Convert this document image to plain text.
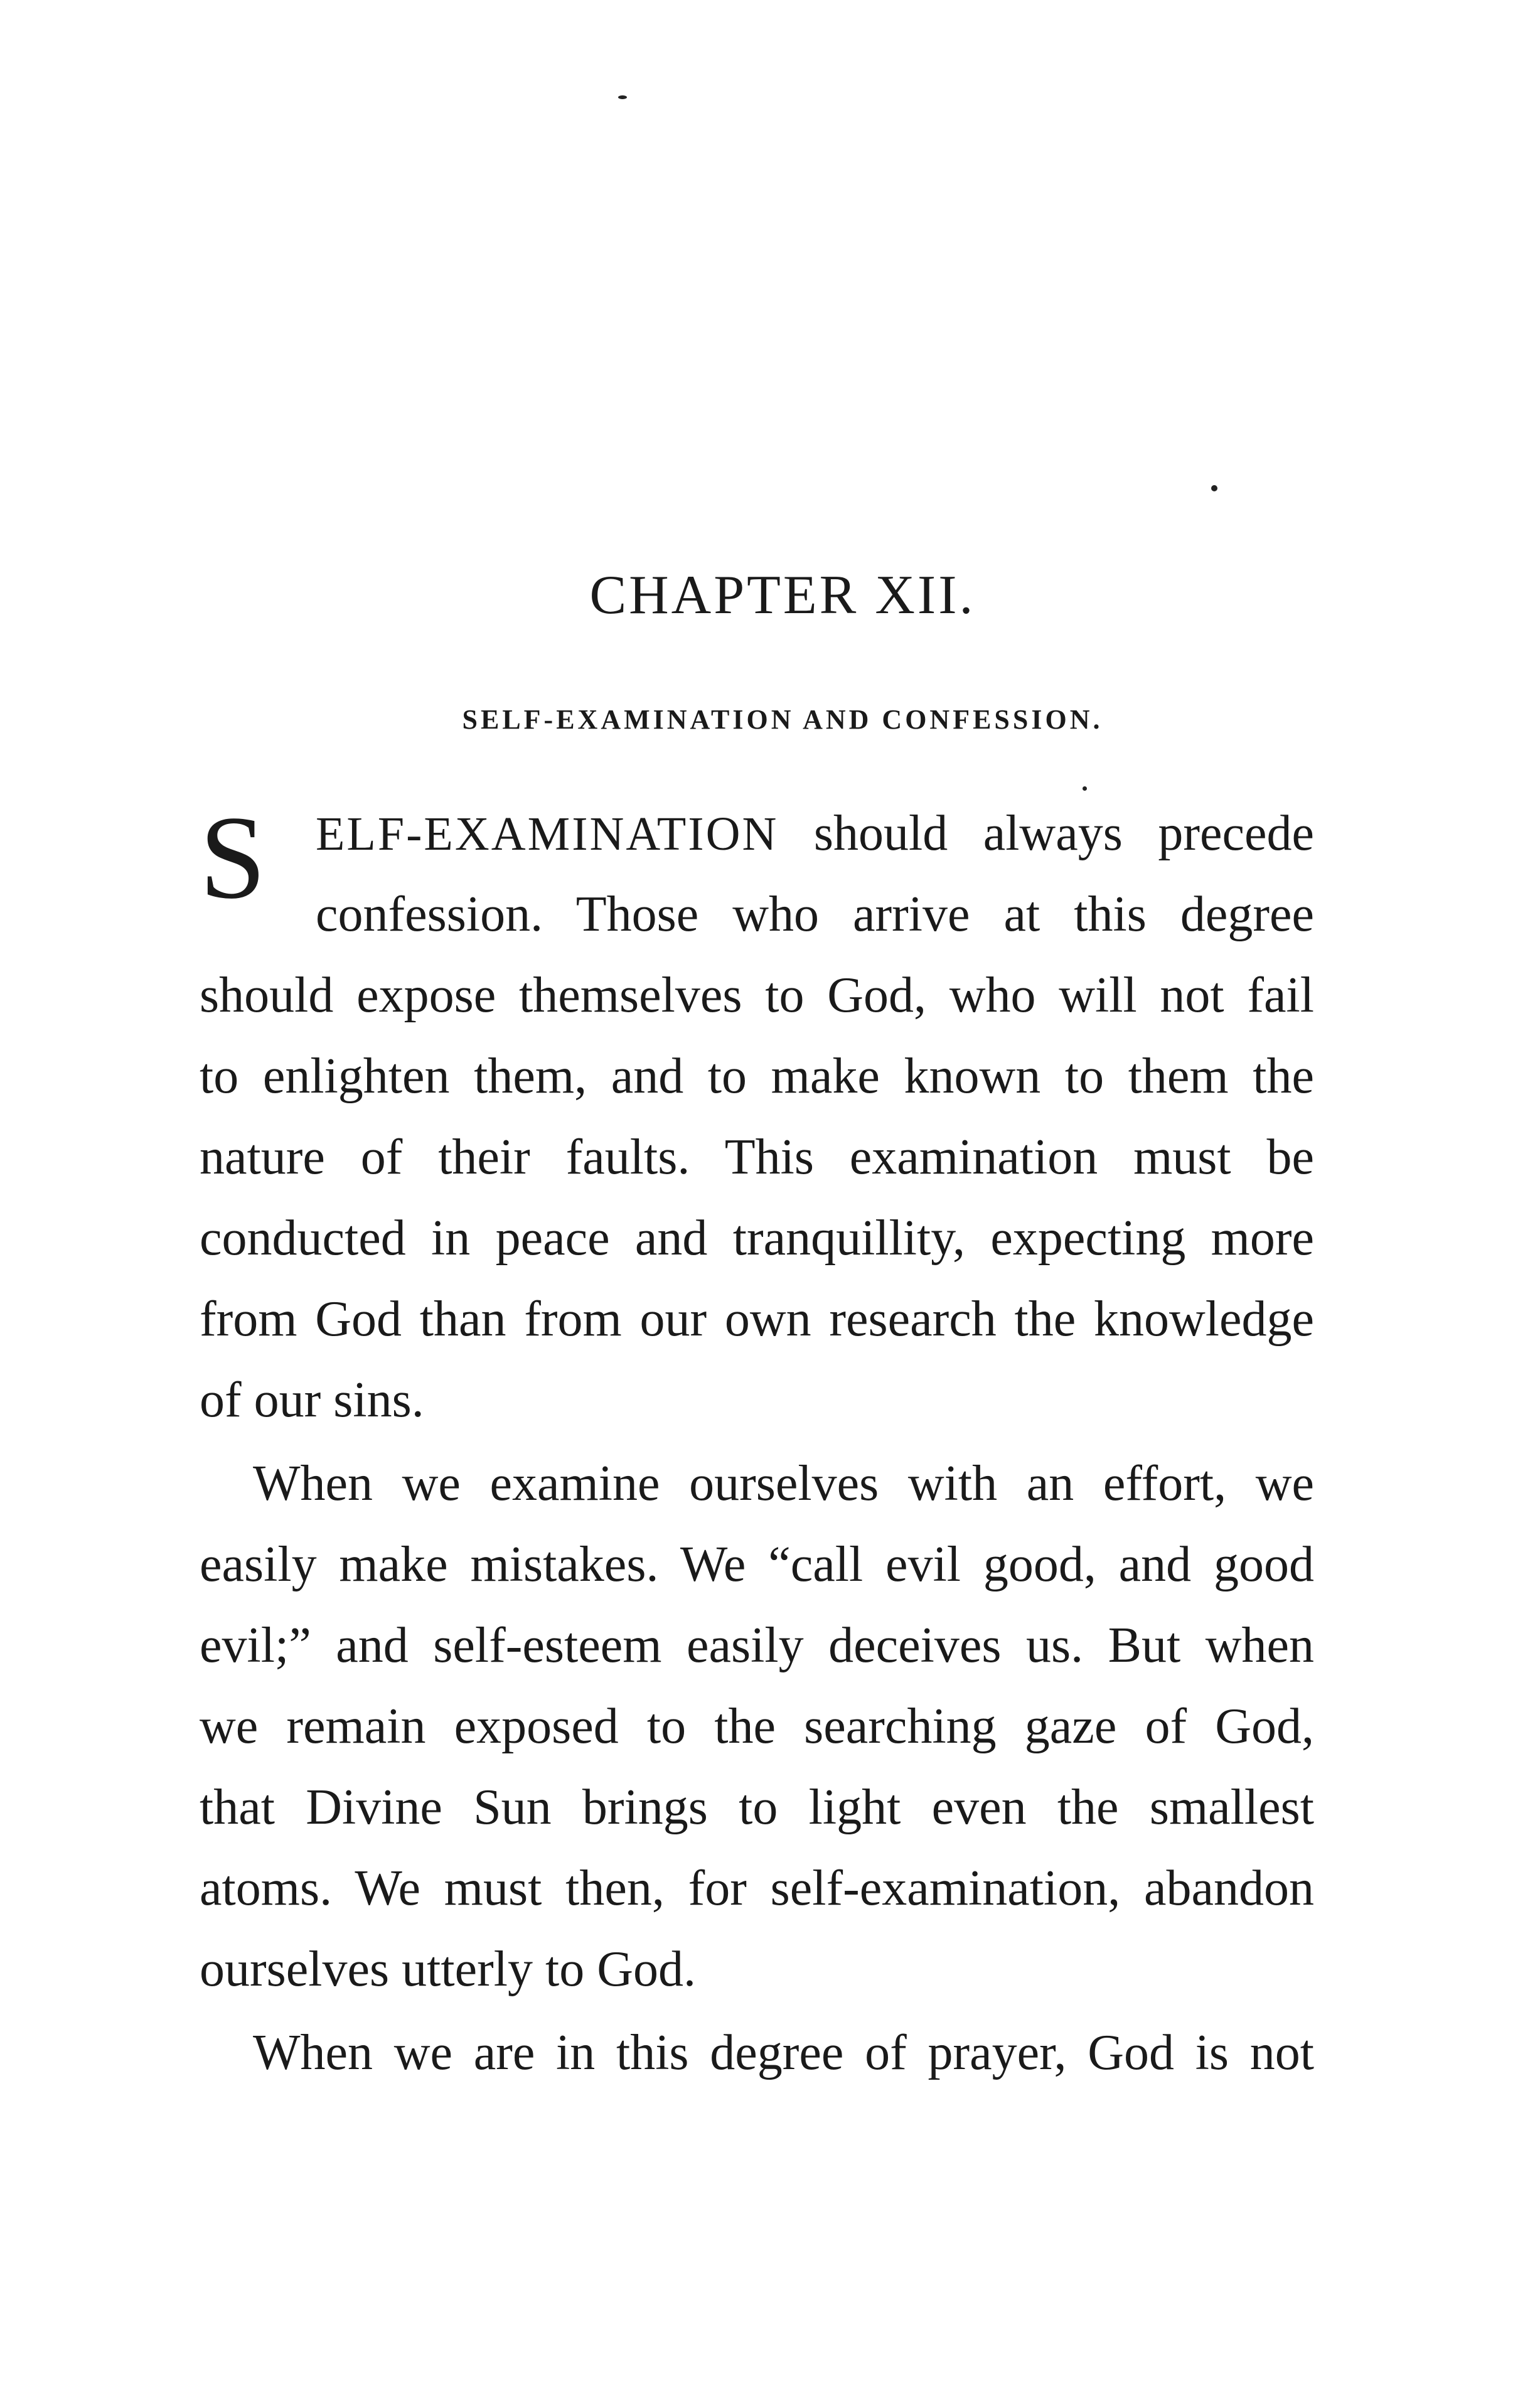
CHAPTER XII.
SELF-EXAMINATION AND CONFESSION.
S ELF-EXAMINATION should always precede
confession. Those who arrive at this degree
should expose themselves to God, who will not fail
to enlighten them, and to make known to them the
nature of their faults. This examination must be
conducted in peace and tranquillity, expecting more
from God than from our own research the knowledge
of our sins.
When we examine ourselves with an effort, we
easily make mistakes. We “call evil good, and good
evil;” and self-esteem easily deceives us. But when
we remain exposed to the searching gaze of God,
that Divine Sun brings to light even the smallest
atoms. We must then, for self-examination, abandon
ourselves utterly to God.
When we are in this degree of prayer, God is not
